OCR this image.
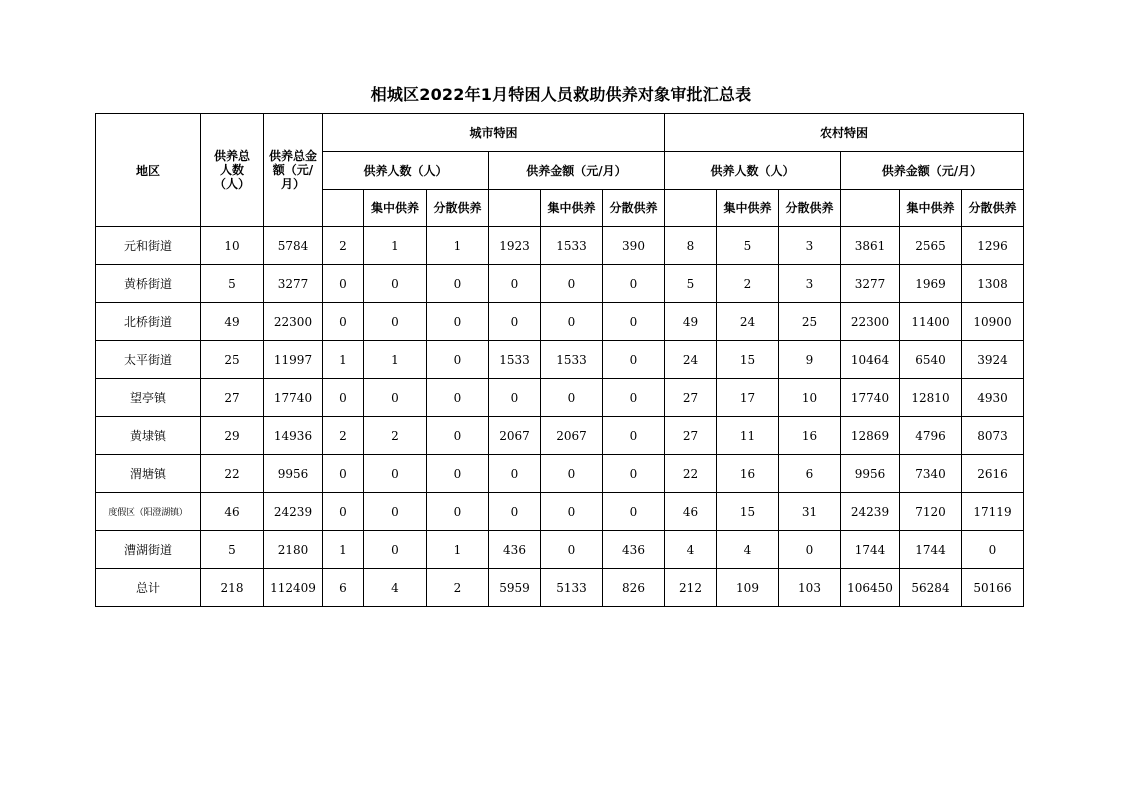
相城区2022年1月特困人员救助供养对象审批汇总表
地区	供养总人数（人）	供养总金额（元/月）	城市特困						农村特困					
			供养人数（人）			供养金额（元/月）			供养人数（人）			供养金额（元/月）		
				集中供养	分散供养		集中供养	分散供养		集中供养	分散供养		集中供养	分散供养
元和街道	10	5784	2	1	1	1923	1533	390	8	5	3	3861	2565	1296
黄桥街道	5	3277	0	0	0	0	0	0	5	2	3	3277	1969	1308
北桥街道	49	22300	0	0	0	0	0	0	49	24	25	22300	11400	10900
太平街道	25	11997	1	1	0	1533	1533	0	24	15	9	10464	6540	3924
望亭镇	27	17740	0	0	0	0	0	0	27	17	10	17740	12810	4930
黄埭镇	29	14936	2	2	0	2067	2067	0	27	11	16	12869	4796	8073
渭塘镇	22	9956	0	0	0	0	0	0	22	16	6	9956	7340	2616
度假区（阳澄湖镇）	46	24239	0	0	0	0	0	0	46	15	31	24239	7120	17119
漕湖街道	5	2180	1	0	1	436	0	436	4	4	0	1744	1744	0
总计	218	112409	6	4	2	5959	5133	826	212	109	103	106450	56284	50166
